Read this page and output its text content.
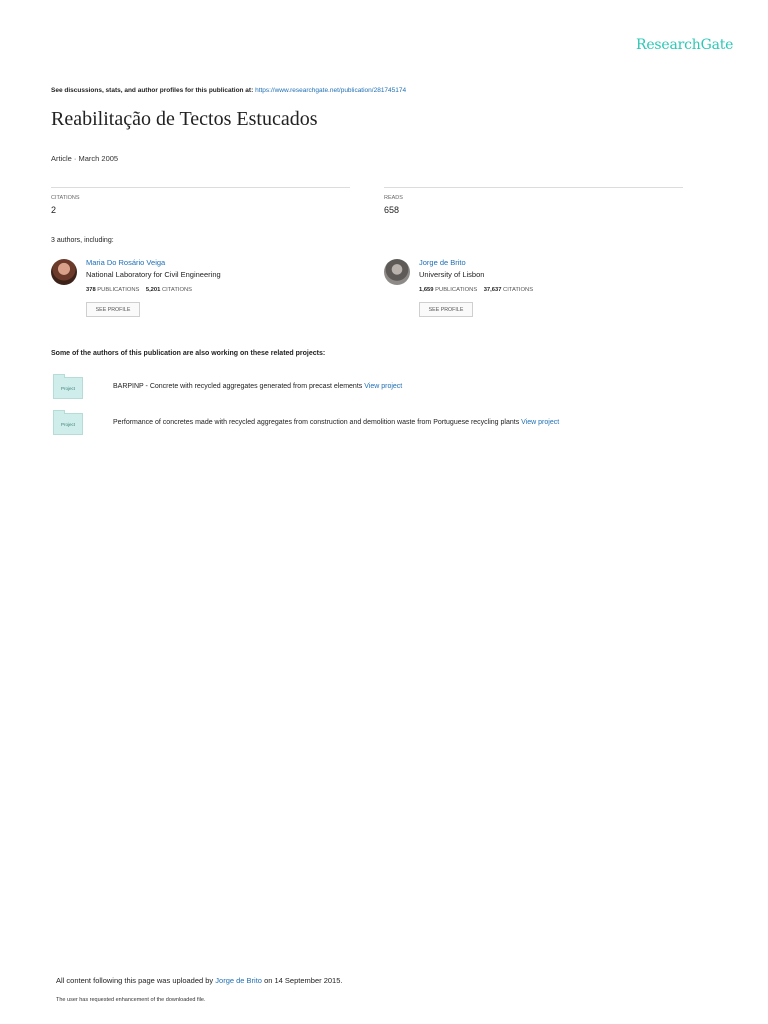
ResearchGate
See discussions, stats, and author profiles for this publication at: https://www.researchgate.net/publication/281745174
Reabilitação de Tectos Estucados
Article · March 2005
CITATIONS
2
READS
658
3 authors, including:
Maria Do Rosário Veiga
National Laboratory for Civil Engineering
378 PUBLICATIONS 5,201 CITATIONS
SEE PROFILE
Jorge de Brito
University of Lisbon
1,659 PUBLICATIONS 37,637 CITATIONS
SEE PROFILE
Some of the authors of this publication are also working on these related projects:
Project	BARPINP - Concrete with recycled aggregates generated from precast elements View project
Project	Performance of concretes made with recycled aggregates from construction and demolition waste from Portuguese recycling plants View project
All content following this page was uploaded by Jorge de Brito on 14 September 2015.
The user has requested enhancement of the downloaded file.
